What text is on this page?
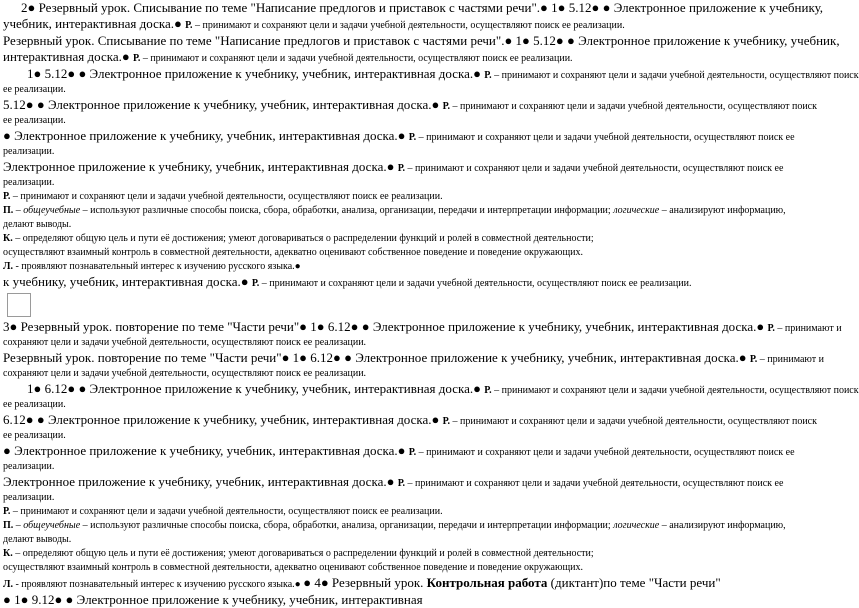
2● Резервный урок. Списывание по теме "Написание предлогов и приставок с частями речи".● 1● 5.12● ● Электронное приложение к учебнику,
учебник, интерактивная доска.● Р. – принимают и сохраняют цели и задачи учебной деятельности, осуществляют поиск ее реализации.
Резервный урок. Списывание по теме "Написание предлогов и приставок с частями речи".● 1● 5.12● ● Электронное приложение к учебнику, учебник,
интерактивная доска.● Р. – принимают и сохраняют цели и задачи учебной деятельности, осуществляют поиск ее реализации.
1● 5.12● ● Электронное приложение к учебнику, учебник, интерактивная доска.● Р. – принимают и сохраняют цели и задачи учебной деятельности, осуществляют поиск
ее реализации.
5.12● ● Электронное приложение к учебнику, учебник, интерактивная доска.● Р. – принимают и сохраняют цели и задачи учебной деятельности, осуществляют поиск
ее реализации.
● Электронное приложение к учебнику, учебник, интерактивная доска.● Р. – принимают и сохраняют цели и задачи учебной деятельности, осуществляют поиск ее
реализации.
Электронное приложение к учебнику, учебник, интерактивная доска.● Р. – принимают и сохраняют цели и задачи учебной деятельности, осуществляют поиск ее
реализации.
Р. – принимают и сохраняют цели и задачи учебной деятельности, осуществляют поиск ее реализации.
П. – общеучебные – используют различные способы поиска, сбора, обработки, анализа, организации, передачи и интерпретации информации; логические – анализируют информацию,
делают выводы.
К. – определяют общую цель и пути её достижения; умеют договариваться о распределении функций и ролей в совместной деятельности;
осуществляют взаимный контроль в совместной деятельности, адекватно оценивают собственное поведение и поведение окружающих.
Л. - проявляют познавательный интерес к изучению русского языка.●
к учебнику, учебник, интерактивная доска.● Р. – принимают и сохраняют цели и задачи учебной деятельности, осуществляют поиск ее реализации.
3● Резервный урок. повторение по теме "Части речи"● 1● 6.12● ● Электронное приложение к учебнику, учебник, интерактивная доска.● Р. – принимают и
сохраняют цели и задачи учебной деятельности, осуществляют поиск ее реализации.
Резервный урок. повторение по теме "Части речи"● 1● 6.12● ● Электронное приложение к учебнику, учебник, интерактивная доска.● Р. – принимают и
сохраняют цели и задачи учебной деятельности, осуществляют поиск ее реализации.
1● 6.12● ● Электронное приложение к учебнику, учебник, интерактивная доска.● Р. – принимают и сохраняют цели и задачи учебной деятельности, осуществляют поиск
ее реализации.
6.12● ● Электронное приложение к учебнику, учебник, интерактивная доска.● Р. – принимают и сохраняют цели и задачи учебной деятельности, осуществляют поиск
ее реализации.
● Электронное приложение к учебнику, учебник, интерактивная доска.● Р. – принимают и сохраняют цели и задачи учебной деятельности, осуществляют поиск ее
реализации.
Электронное приложение к учебнику, учебник, интерактивная доска.● Р. – принимают и сохраняют цели и задачи учебной деятельности, осуществляют поиск ее
реализации.
Р. – принимают и сохраняют цели и задачи учебной деятельности, осуществляют поиск ее реализации.
П. – общеучебные – используют различные способы поиска, сбора, обработки, анализа, организации, передачи и интерпретации информации; логические – анализируют информацию,
делают выводы.
К. – определяют общую цель и пути её достижения; умеют договариваться о распределении функций и ролей в совместной деятельности;
осуществляют взаимный контроль в совместной деятельности, адекватно оценивают собственное поведение и поведение окружающих.
Л. - проявляют познавательный интерес к изучению русского языка.● ● 4● Резервный урок. Контрольная работа (диктант)по теме "Части речи"
● 1● 9.12● ● Электронное приложение к учебнику, учебник, интерактивная
